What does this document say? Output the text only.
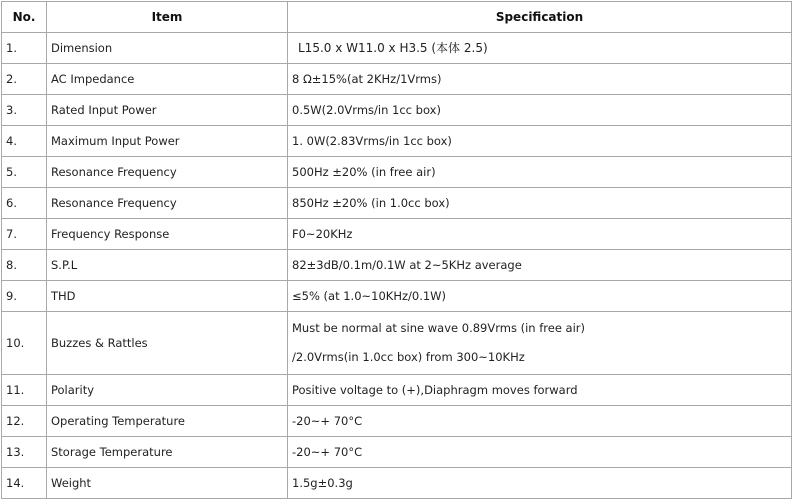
No.	Item	Specification
1.	Dimension	L15.0 x W11.0 x H3.5 (本体 2.5)

2.	AC Impedance	8 Ω±15%(at 2KHz/1Vrms)

3.	Rated Input Power	0.5W(2.0Vrms/in 1cc box)

4.	Maximum Input Power	1. 0W(2.83Vrms/in 1cc box)

5.	Resonance Frequency	500Hz ±20% (in free air)

6.	Resonance Frequency	850Hz ±20% (in 1.0cc box)

7.	Frequency Response	F0~20KHz

8.	S.P.L	82±3dB/0.1m/0.1W at 2~5KHz average

9.	THD	≤5% (at 1.0~10KHz/0.1W)

10.	Buzzes & Rattles	Must be normal at sine wave 0.89Vrms (in free air)
/2.0Vrms(in 1.0cc box) from 300~10KHz

11.	Polarity	Positive voltage to (+),Diaphragm moves forward

12.	Operating Temperature	-20~+ 70°C

13.	Storage Temperature	-20~+ 70°C

14.	Weight	1.5g±0.3g
